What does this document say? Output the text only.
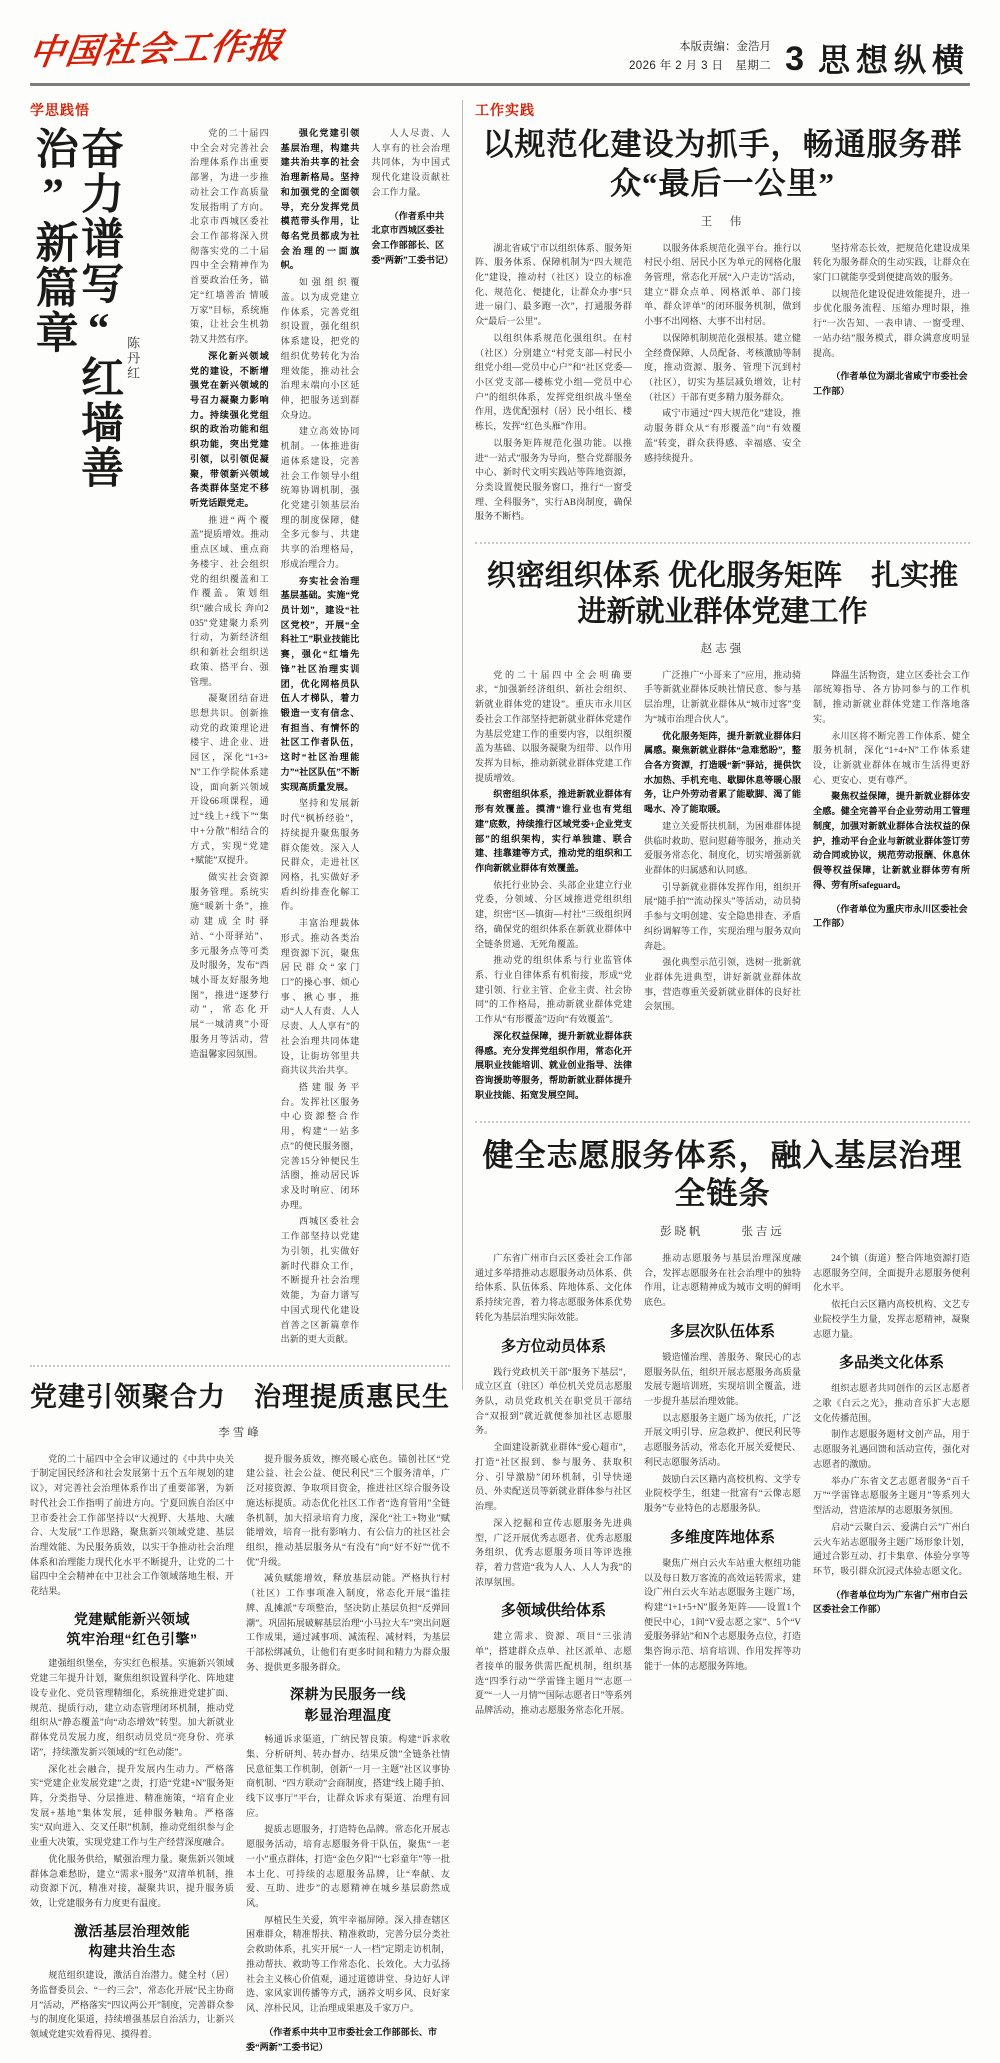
中国社会工作报	本版责编：金浩月
2026 年 2 月 3 日　星期二 3 思想纵横
学思践悟
奋力谱写“红墙善治”新篇章
陈丹红

党的二十届四中全会对完善社会治理体系作出重要部署，为进一步推动社会工作高质量发展指明了方向。北京市西城区委社会工作部将深入贯彻落实党的二十届四中全会精神作为首要政治任务，锚定“红墙善治 情暖万家”目标，系统施策，让社会生机勃勃又井然有序。

深化新兴领域党的建设，不断增强党在新兴领域的号召力凝聚力影响力。持续强化党组织的政治功能和组织功能，突出党建引领，以引领促凝聚，带领新兴领域各类群体坚定不移听党话跟党走。

推进“两个覆盖”提质增效。推动重点区域、重点商务楼宇、社会组织党的组织覆盖和工作覆盖。策划组织“融合成长 奔向2035”党建聚力系列行动，为新经济组织和新社会组织送政策、搭平台、强管理。

凝聚团结奋进思想共识。创新推动党的政策理论进楼宇、进企业、进园区，深化“1+3+N”工作学院体系建设，面向新兴领域开设66项课程，通过“线上+线下”“集中+分散”相结合的方式，实现“党建+赋能”双提升。

做实社会资源服务管理。系统实施“暖新十条”，推动建成全时驿站、“小哥驿站”、多元服务点等可类及时服务，发布“西城小哥友好服务地图”，推进“逐梦行动”，常态化开展“一城清爽”小哥服务月等活动，营造温馨家园氛围。

强化党建引领基层治理，构建共建共治共享的社会治理新格局。坚持和加强党的全面领导，充分发挥党员模范带头作用，让每名党员都成为社会治理的一面旗帜。

如强组织覆盖。以为成党建立作体系，完善党组织设置，强化组织体系建设，把党的组织优势转化为治理效能，推动社会治理末端向小区延伸，把服务送到群众身边。

建立高效协同机制。一体推进街道体系建设，完善社会工作领导小组统筹协调机制，强化党建引领基层治理的制度保障，健全多元参与、共建共享的治理格局，形成治理合力。

夯实社会治理基层基础。实施“党员计划”，建设“社区党校”，开展“全科社工”职业技能比赛，强化“红墙先锋”社区治理实训团，优化网格员队伍人才梯队，着力锻造一支有信念、有担当、有情怀的社区工作者队伍，这时“社区治理能力”“社区队伍”不断实现高质量发展。

坚持和发展新时代“枫桥经验”，持续提升聚焦服务群众能效。深入人民群众，走进社区网格，扎实做好矛盾纠纷排查化解工作。

丰富治理载体形式。推动各类治理资源下沉，聚焦居民群众“家门口”的操心事、烦心事、揪心事，推动“人人有责、人人尽责、人人享有”的社会治理共同体建设，让街坊邻里共商共议共治共享。

搭建服务平台。发挥社区服务中心资源整合作用，构建“一站多点”的便民服务圈，完善15分钟便民生活圈，推动居民诉求及时响应、闭环办理。

西城区委社会工作部坚持以党建为引领，扎实做好新时代群众工作，不断提升社会治理效能，为奋力谱写中国式现代化建设首善之区新篇章作出新的更大贡献。

人人尽责、人人享有的社会治理共同体，为中国式现代化建设贡献社会工作力量。

（作者系中共北京市西城区委社会工作部部长、区委“两新”工委书记）

党建引领聚合力　治理提质惠民生
李雪峰

党的二十届四中全会审议通过的《中共中央关于制定国民经济和社会发展第十五个五年规划的建议》，对完善社会治理体系作出了重要部署，为新时代社会工作指明了前进方向。宁夏回族自治区中卫市委社会工作部坚持以“大视野、大基地、大融合、大发展”工作思路，聚焦新兴领域党建、基层治理效能、为民服务质效，以实干争推动社会治理体系和治理能力现代化水平不断提升，让党的二十届四中全会精神在中卫社会工作领域落地生根、开花结果。

党建赋能新兴领域
筑牢治理“红色引擎”

建强组织堡垒，夯实红色根基。实施新兴领域党建三年提升计划，聚焦组织设置科学化、阵地建设专业化、党员管理精细化，系统推进党建扩面、规范、提质行动，建立动态管理闭环机制，推动党组织从“静态覆盖”向“动态增效”转型。加大新就业群体党员发展力度，组织动员党员“亮身份、亮承诺”，持续激发新兴领域的“红色动能”。

深化社会融合，提升发展内生动力。严格落实“党建企业发展党建”之责，打造“党建+N”服务矩阵，分类指导、分层推进、精准施策，“培育企业发展+基地”集体发展，延伸服务触角。严格落实“双向进入、交叉任职”机制，推动党组织参与企业重大决策，实现党建工作与生产经营深度融合。

优化服务供给，赋强治理力量。聚焦新兴领域群体急难愁盼，建立“需求+服务”双清单机制，推动资源下沉，精准对接，凝聚共识，提升服务质效，让党建服务有力度更有温度。

激活基层治理效能
构建共治生态

规范组织建设，激活自治潜力。健全村（居）务监督委员会、“一约三会”，常态化开展“民主协商月”活动，严格落实“四议两公开”制度，完善群众参与的制度化渠道，持续增强基层自治活力，让新兴领域党建实效看得见、摸得着。

提升服务质效，擦亮暖心底色。锚创社区“党建公益、社会公益、便民利民”三个服务清单，广泛对接资源、争取项目资金，推进社区综合服务设施达标提质。动态优化社区工作者“选育管用”全链条机制，加大招录培育力度，深化“社工+物业”赋能增效，培育一批有影响力、有公信力的社区社会组织，推动基层服务从“有没有”向“好不好”“优不优”升级。

减负赋能增效，释放基层动能。严格执行村（社区）工作事项准入制度，常态化开展“滥挂牌、乱摊派”专项整治，坚决防止基层负担“反弹回潮”。巩固拓展破解基层治理“小马拉大车”突出问题工作成果，通过减事项、减流程、减材料，为基层干部松绑减负，让他们有更多时间和精力为群众服务、提供更多服务群众。

深耕为民服务一线
彰显治理温度

畅通诉求渠道，广纳民智良策。构建“诉求收集、分析研判、转办督办、结果反馈”全链条社情民意征集工作机制，创新“一月一主题”社区议事协商机制、“四方联动”会商制度，搭建“线上随手拍、线下议事厅”平台，让群众诉求有渠道、治理有回应。

提质志愿服务，打造特色品牌。常态化开展志愿服务活动，培育志愿服务骨干队伍，聚焦“一老一小”重点群体，打造“金色夕阳”“七彩童年”等一批本土化、可持续的志愿服务品牌，让“奉献、友爱、互助、进步”的志愿精神在城乡基层蔚然成风。

厚植民生关爱，筑牢幸福屏障。深入排查辖区困难群众，精准帮扶、精准救助，完善分层分类社会救助体系，扎实开展“一人一档”定期走访机制，推动帮扶、救助等工作常态化、长效化。大力弘扬社会主义核心价值观，通过道德讲堂、身边好人评选、家风家训传播等方式，涵养文明乡风、良好家风、淳朴民风，让治理成果惠及千家万户。

（作者系中共中卫市委社会工作部部长、市委“两新”工委书记）

工作实践
以规范化建设为抓手，畅通服务群众“最后一公里”
王　伟

湖北省咸宁市以组织体系、服务矩阵、服务体系、保障机制为“四大规范化”建设，推动村（社区）设立的标准化、规范化、便捷化，让群众办事“只进一扇门、最多跑一次”，打通服务群众“最后一公里”。

以组织体系规范化强组织。在村（社区）分别建立“村党支部—村民小组党小组—党员中心户”和“社区党委—小区党支部—楼栋党小组—党员中心户”的组织体系，发挥党组织战斗堡垒作用，选优配强村（居）民小组长、楼栋长，发挥“红色头雁”作用。

以服务矩阵规范化强功能。以推进“一站式”服务为导向，整合党群服务中心、新时代文明实践站等阵地资源，分类设置便民服务窗口，推行“一窗受理、全科服务”，实行AB岗制度，确保服务不断档。

以服务体系规范化强平台。推行以村民小组、居民小区为单元的网格化服务管理，常态化开展“入户走访”活动，建立“群众点单、网格派单、部门接单、群众评单”的闭环服务机制，做到小事不出网格、大事不出村居。

以保障机制规范化强根基。建立健全经费保障、人员配备、考核激励等制度，推动资源、服务、管理下沉到村（社区），切实为基层减负增效，让村（社区）干部有更多精力服务群众。

咸宁市通过“四大规范化”建设，推动服务群众从“有形覆盖”向“有效覆盖”转变，群众获得感、幸福感、安全感持续提升。

坚持常态长效，把规范化建设成果转化为服务群众的生动实践，让群众在家门口就能享受到便捷高效的服务。

以规范化建设促进效能提升，进一步优化服务流程、压缩办理时限，推行“一次告知、一表申请、一窗受理、一站办结”服务模式，群众满意度明显提高。

（作者单位为湖北省咸宁市委社会工作部）

织密组织体系 优化服务矩阵　扎实推进新就业群体党建工作
赵志强

党的二十届四中全会明确要求，“加强新经济组织、新社会组织、新就业群体党的建设”。重庆市永川区委社会工作部坚持把新就业群体党建作为基层党建工作的重要内容，以组织覆盖为基础、以服务凝聚为纽带、以作用发挥为目标，推动新就业群体党建工作提质增效。

织密组织体系，推进新就业群体有形有效覆盖。摸清“谁行业也有党组建”底数，持续推行区域党委+企业党支部”的组织架构，实行单独建、联合建、挂靠建等方式，推动党的组织和工作向新就业群体有效覆盖。

依托行业协会、头部企业建立行业党委，分领域、分区域推进党组织组建，织密“区—镇街—村社”三级组织网络，确保党的组织体系在新就业群体中全链条贯通、无死角覆盖。

推动党的组织体系与行业监管体系、行业自律体系有机衔接，形成“党建引领、行业主管、企业主责、社会协同”的工作格局，推动新就业群体党建工作从“有形覆盖”迈向“有效覆盖”。

深化权益保障，提升新就业群体获得感。充分发挥党组织作用，常态化开展职业技能培训、就业创业指导、法律咨询援助等服务，帮助新就业群体提升职业技能、拓宽发展空间。

广泛推广“小哥来了”应用，推动骑手等新就业群体反映社情民意、参与基层治理，让新就业群体从“城市过客”变为“城市治理合伙人”。

优化服务矩阵，提升新就业群体归属感。聚焦新就业群体“急难愁盼”，整合各方资源，打造暖“新”驿站，提供饮水加热、手机充电、歇脚休息等暖心服务，让户外劳动者累了能歇脚、渴了能喝水、冷了能取暖。

建立关爱帮扶机制，为困难群体提供临时救助、慰问慰藉等服务，推动关爱服务常态化、制度化，切实增强新就业群体的归属感和认同感。

引导新就业群体发挥作用，组织开展“随手拍”“流动探头”等活动，动员骑手参与文明创建、安全隐患排查、矛盾纠纷调解等工作，实现治理与服务双向奔赴。

强化典型示范引领，选树一批新就业群体先进典型，讲好新就业群体故事，营造尊重关爱新就业群体的良好社会氛围。

降温生活物资，建立区委社会工作部统筹指导、各方协同参与的工作机制，推动新就业群体党建工作落地落实。

永川区将不断完善工作体系、健全服务机制，深化“1+4+N”工作体系建设，让新就业群体在城市生活得更舒心、更安心、更有尊严。

聚焦权益保障，提升新就业群体安全感。健全完善平台企业劳动用工管理制度，加强对新就业群体合法权益的保护，推动平台企业与新就业群体签订劳动合同或协议，规范劳动报酬、休息休假等权益保障，让新就业群体劳有所得、劳有所safeguard。

（作者单位为重庆市永川区委社会工作部）

健全志愿服务体系，融入基层治理全链条
彭晓帆	张吉远

广东省广州市白云区委社会工作部通过多举措推动志愿服务动员体系、供给体系、队伍体系、阵地体系、文化体系持续完善，着力将志愿服务体系优势转化为基层治理实际效能。

多方位动员体系

践行党政机关干部“服务下基层”，成立区直（驻区）单位机关党员志愿服务队，动员党政机关在职党员干部结合“双报到”就近就便参加社区志愿服务。

全面建设新就业群体“爱心超市”，打造“社区报到、参与服务、获取积分、引导激励”闭环机制，引导快递员、外卖配送员等新就业群体参与社区治理。

深入挖掘和宣传志愿服务先进典型，广泛开展优秀志愿者、优秀志愿服务组织、优秀志愿服务项目等评选推荐，着力营造“我为人人、人人为我”的浓厚氛围。

多领域供给体系

建立需求、资源、项目“三张清单”，搭建群众点单、社区派单、志愿者接单的服务供需匹配机制，组织基选“四季行动”“学雷锋主题月”“志愿一夏”“一人一月情”“国际志愿者日”等系列品牌活动，推动志愿服务常态化开展。

推动志愿服务与基层治理深度融合，发挥志愿服务在社会治理中的独特作用，让志愿精神成为城市文明的鲜明底色。

多层次队伍体系

锻造懂治理、善服务、聚民心的志愿服务队伍，组织开展志愿服务高质量发展专题培训班，实现培训全覆盖，进一步提升基层治理效能。

以志愿服务主题广场为依托，广泛开展文明引导、应急救护、便民利民等志愿服务活动，常态化开展关爱便民、利民志愿服务活动。

鼓励白云区籍内高校机构、文学专业院校学生，组建一批富有“云像志愿服务”专业特色的志愿服务队。

多维度阵地体系

聚焦广州白云火车站重大枢纽功能以及每日数万客流的高效运转需求，建设广州白云火车站志愿服务主题广场，构建“1+1+5+N”服务矩阵——设置1个便民中心，1间“V爱志愿之家”、5个“V爱服务驿站”和N个志愿服务点位，打造集咨询示范、培育培训、作用发挥等功能于一体的志愿服务阵地。

24个镇（街道）整合阵地资源打造志愿服务空间，全面提升志愿服务便利化水平。

依托白云区籍内高校机构、文艺专业院校学生力量，发挥志愿精神，凝聚志愿力量。

多品类文化体系

组织志愿者共同创作的云区志愿者之歌《白云之光》，推动音乐扩大志愿文化传播范围。

制作志愿服务题材文创产品，用于志愿服务礼遇回馈和活动宣传，强化对志愿者的激励。

举办广东省文艺志愿者服务“百千万”“学雷锋志愿服务主题月”等系列大型活动，营造浓厚的志愿服务氛围。

启动“云聚白云、爱满白云”广州白云火车站志愿服务主题广场形象计划，通过合影互动、打卡集章、体验分享等环节，吸引群众沉浸式体验志愿文化。

（作者单位均为广东省广州市白云区委社会工作部）
